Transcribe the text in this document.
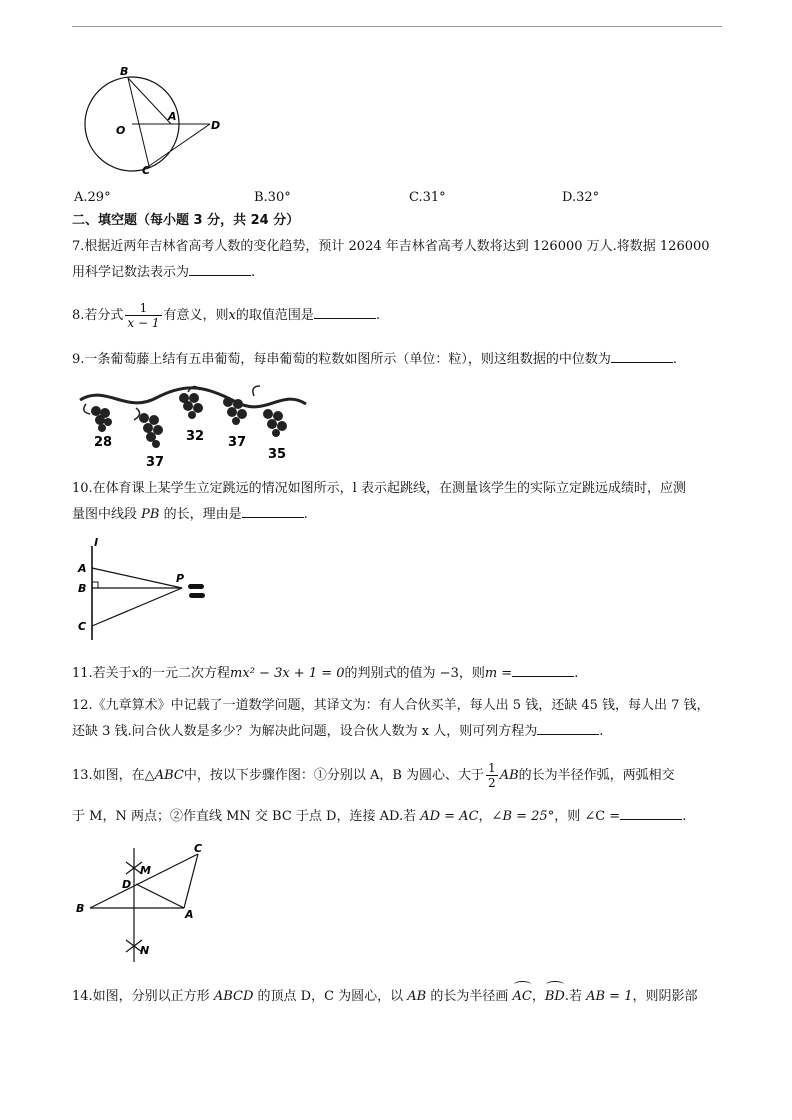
B
A
O
C
D
A.29°	B.30°	C.31°	D.32°
二、填空题（每小题 3 分，共 24 分）
7.根据近两年吉林省高考人数的变化趋势，预计 2024 年吉林省高考人数将达到 126000 万人.将数据 126000
用科学记数法表示为	.
8.若分式 $\frac{1}{x - 1}$ 有意义，则x的取值范围是	.
9.一条葡萄藤上结有五串葡萄，每串葡萄的粒数如图所示（单位：粒），则这组数据的中位数为	.
28
37
32 37
35
10.在体育课上某学生立定跳远的情况如图所示，l 表示起跳线，在测量该学生的实际立定跳远成绩时，应测
量图中线段 PB 的长，理由是	.
l
A
B
C
P
11.若关于x的一元二次方程mx² − 3x + 1 = 0的判别式的值为 −3，则m =	.
12.《九章算术》中记载了一道数学问题，其译文为：有人合伙买羊，每人出 5 钱，还缺 45 钱，每人出 7 钱，
还缺 3 钱.问合伙人数是多少？为解决此问题，设合伙人数为 x 人，则可列方程为	.
13.如图，在△ABC中，按以下步骤作图：①分别以 A，B 为圆心、大于 $\frac{1}{2}$ AB的长为半径作弧，两弧相交
于 M，N 两点；②作直线 MN 交 BC 于点 D，连接 AD.若 AD = AC，∠B = 25°，则 ∠C =	.
C
M
D
B	A
N
14.如图，分别以正方形 ABCD 的顶点 D，C 为圆心，以 AB 的长为半径画 AC，BD.若 AB = 1，则阴影部
